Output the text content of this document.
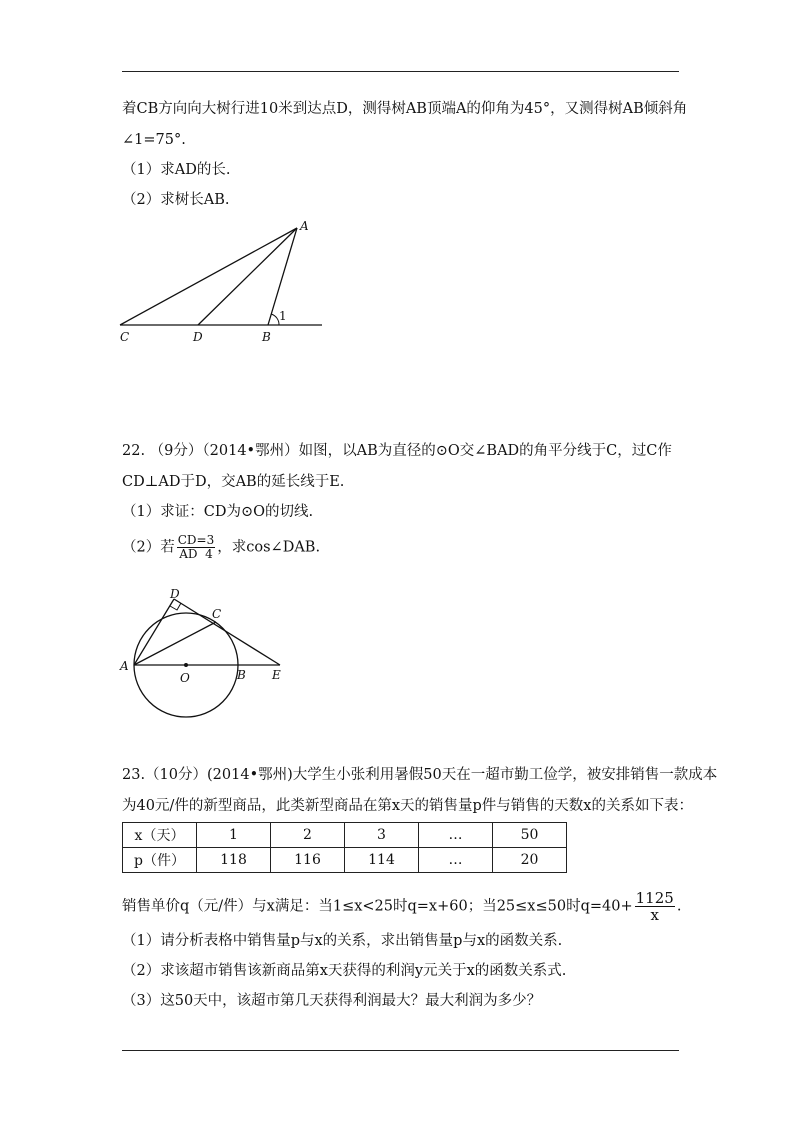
着CB方向向大树行进10米到达点D，测得树AB顶端A的仰角为45°，又测得树AB倾斜角
∠1=75°.
（1）求AD的长.
（2）求树长AB.
A
C	D	B
1
22. （9分）（2014•鄂州）如图，以AB为直径的⊙O交∠BAD的角平分线于C，过C作
CD⊥AD于D，交AB的延长线于E.
（1）求证：CD为⊙O的切线.
（2）若 $\frac{CD=3}{AD 4}$ ，求cos∠DAB.
A
D
C
O	B E
23.（10分）(2014•鄂州)大学生小张利用暑假50天在一超市勤工俭学，被安排销售一款成本
为40元/件的新型商品，此类新型商品在第x天的销售量p件与销售的天数x的关系如下表：
x（天）	1	2	3	…	50
p（件）	118	116	114	…	20
销售单价q（元/件）与x满足：当1≤x<25时q=x+60；当25≤x≤50时$q=40+ \frac{1125}{x}$ .
（1）请分析表格中销售量p与x的关系，求出销售量p与x的函数关系.
（2）求该超市销售该新商品第x天获得的利润y元关于x的函数关系式.
（3）这50天中，该超市第几天获得利润最大？最大利润为多少？
